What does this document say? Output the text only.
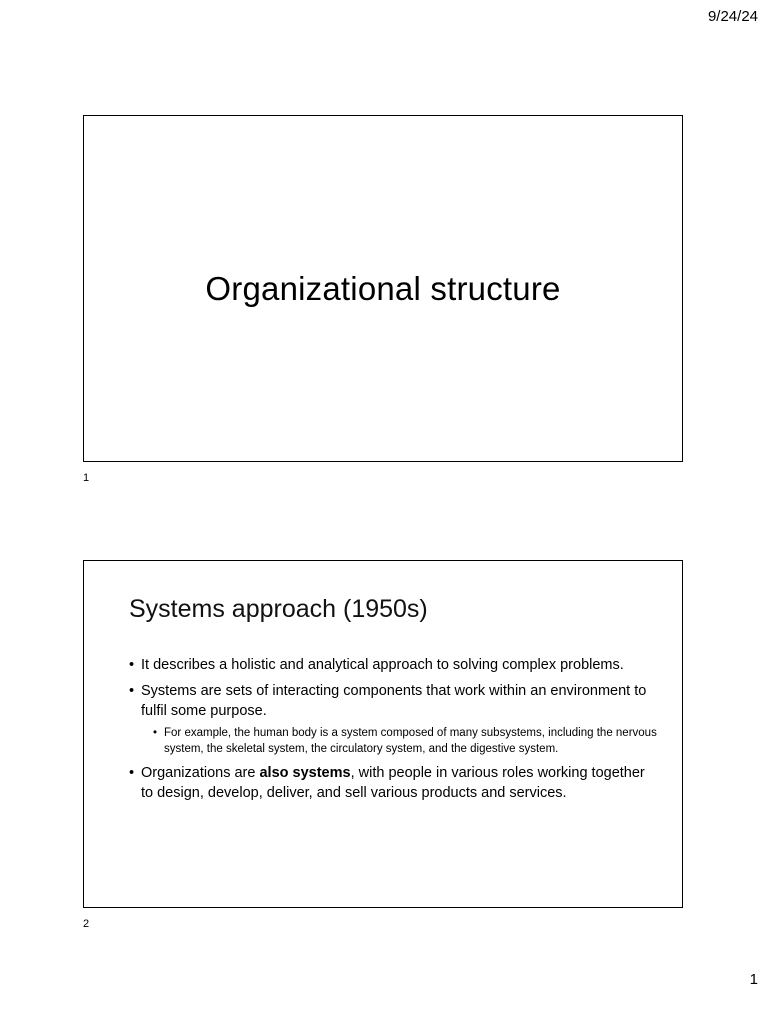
9/24/24
Organizational structure
1
Systems approach (1950s)
• It describes a holistic and analytical approach to solving complex problems.
• Systems are sets of interacting components that work within an environment to fulfil some purpose.
• For example, the human body is a system composed of many subsystems, including the nervous system, the skeletal system, the circulatory system, and the digestive system.
• Organizations are also systems, with people in various roles working together to design, develop, deliver, and sell various products and services.
2
1
